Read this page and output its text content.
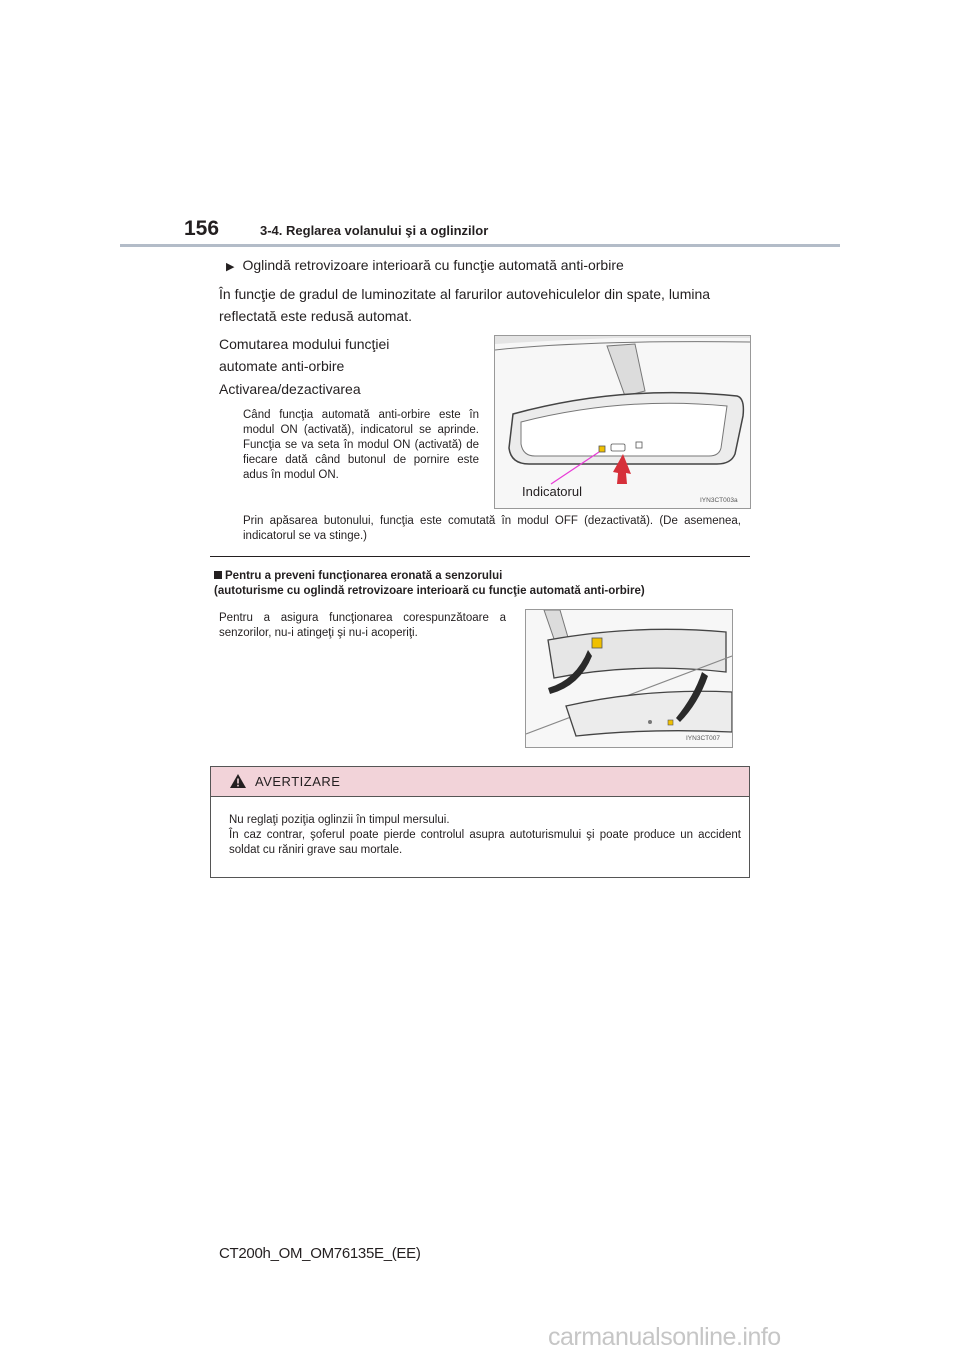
156	3-4. Reglarea volanului şi a oglinzilor
▶ Oglindă retrovizoare interioară cu funcţie automată anti-orbire
În funcţie de gradul de luminozitate al farurilor autovehiculelor din spate, lumina reflectată este redusă automat.
Comutarea modului funcţiei automate anti-orbire
Activarea/dezactivarea
Când funcţia automată anti-orbire este în modul ON (activată), indicatorul se aprinde. Funcţia se va seta în modul ON (activată) de fiecare dată când butonul de pornire este adus în modul ON.
Prin apăsarea butonului, funcţia este comutată în modul OFF (dezactivată). (De asemenea, indicatorul se va stinge.)
Indicatorul
IYN3CT003a
Pentru a preveni funcţionarea eronată a senzorului
(autoturisme cu oglindă retrovizoare interioară cu funcţie automată anti-orbire)
Pentru a asigura funcţionarea corespunzătoare a senzorilor, nu-i atingeţi şi nu-i acoperiţi.
IYN3CT007
AVERTIZARE
Nu reglaţi poziţia oglinzii în timpul mersului.
În caz contrar, şoferul poate pierde controlul asupra autoturismului şi poate produce un accident soldat cu răniri grave sau mortale.
CT200h_OM_OM76135E_(EE)
carmanualsonline.info
